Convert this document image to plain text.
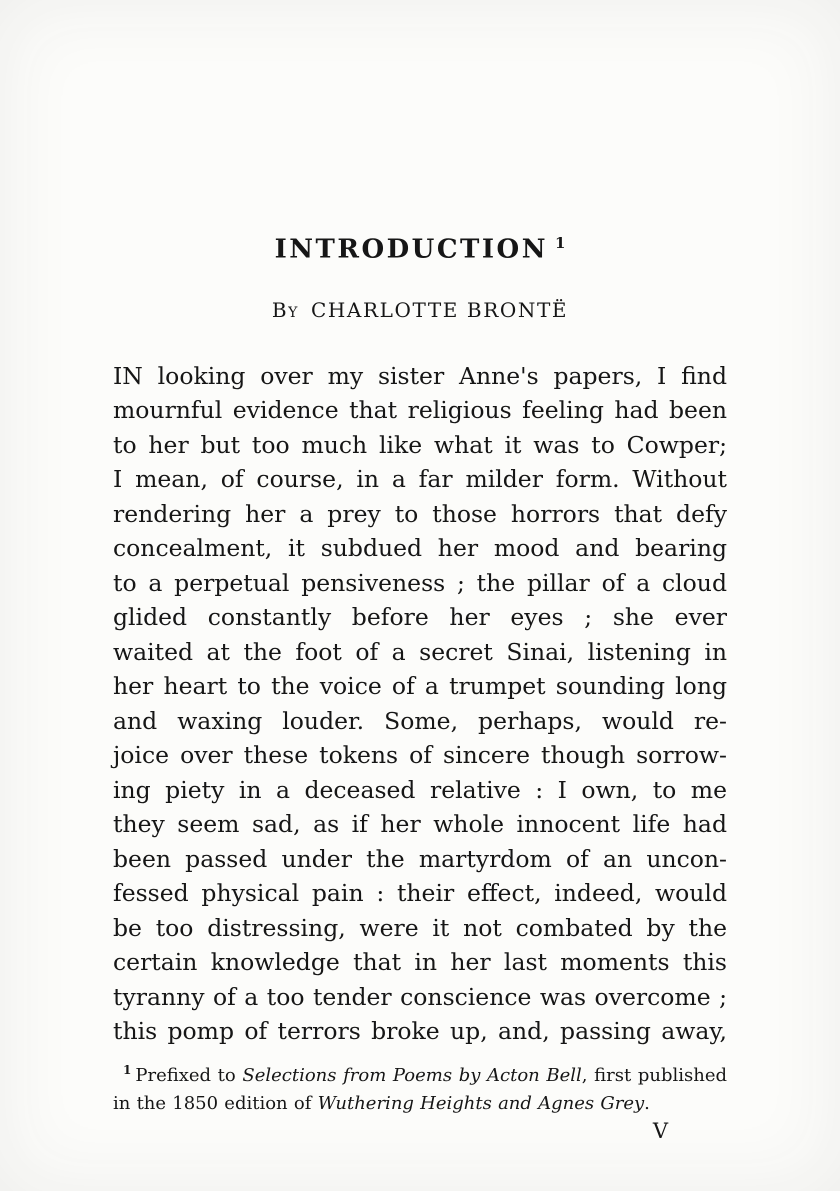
INTRODUCTION $^1$
By CHARLOTTE BRONTË
IN looking over my sister Anne's papers, I find
mournful evidence that religious feeling had been
to her but too much like what it was to Cowper;
I mean, of course, in a far milder form. Without
rendering her a prey to those horrors that defy
concealment, it subdued her mood and bearing
to a perpetual pensiveness ; the pillar of a cloud
glided constantly before her eyes ; she ever
waited at the foot of a secret Sinai, listening in
her heart to the voice of a trumpet sounding long
and waxing louder. Some, perhaps, would re-
joice over these tokens of sincere though sorrow-
ing piety in a deceased relative : I own, to me
they seem sad, as if her whole innocent life had
been passed under the martyrdom of an uncon-
fessed physical pain : their effect, indeed, would
be too distressing, were it not combated by the
certain knowledge that in her last moments this
tyranny of a too tender conscience was overcome ;
this pomp of terrors broke up, and, passing away,
$^1$ Prefixed to Selections from Poems by Acton Bell, first published in the 1850 edition of Wuthering Heights and Agnes Grey.
V
